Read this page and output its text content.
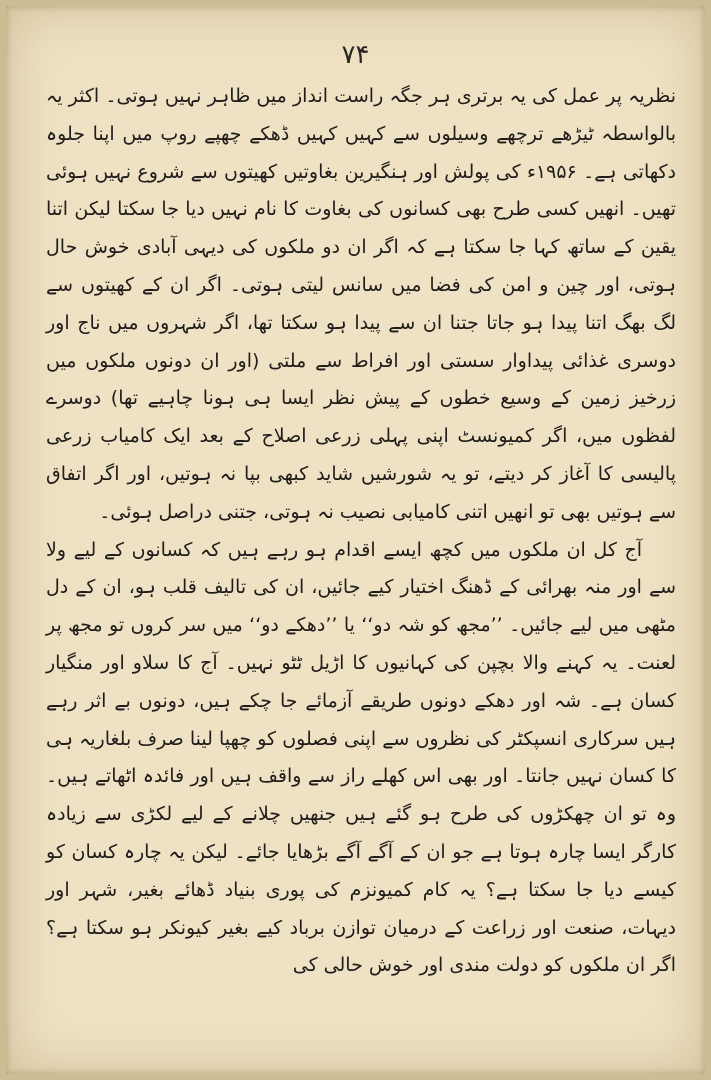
۷۴

نظریہ پر عمل کی یہ برتری ہر جگہ راست انداز میں ظاہر نہیں ہوتی۔ اکثر یہ بالواسطہ ٹیڑھے ترچھے وسیلوں سے کہیں کہیں ڈھکے چھپے روپ میں اپنا جلوہ دکھاتی ہے۔ ۱۹۵۶ء کی پولش اور ہنگیرین بغاوتیں کھیتوں سے شروع نہیں ہوئی تھیں۔ انھیں کسی طرح بھی کسانوں کی بغاوت کا نام نہیں دیا جا سکتا لیکن اتنا یقین کے ساتھ کہا جا سکتا ہے کہ اگر ان دو ملکوں کی دیہی آبادی خوش حال ہوتی، اور چین و امن کی فضا میں سانس لیتی ہوتی۔ اگر ان کے کھیتوں سے لگ بھگ اتنا پیدا ہو جاتا جتنا ان سے پیدا ہو سکتا تھا، اگر شہروں میں ناج اور دوسری غذائی پیداوار سستی اور افراط سے ملتی (اور ان دونوں ملکوں میں زرخیز زمین کے وسیع خطوں کے پیش نظر ایسا ہی ہونا چاہیے تھا) دوسرے لفظوں میں، اگر کمیونسٹ اپنی پہلی زرعی اصلاح کے بعد ایک کامیاب زرعی پالیسی کا آغاز کر دیتے، تو یہ شورشیں شاید کبھی بپا نہ ہوتیں، اور اگر اتفاق سے ہوتیں بھی تو انھیں اتنی کامیابی نصیب نہ ہوتی، جتنی دراصل ہوئی۔

آج کل ان ملکوں میں کچھ ایسے اقدام ہو رہے ہیں کہ کسانوں کے لیے ولا سے اور منہ بھرائی کے ڈھنگ اختیار کیے جائیں، ان کی تالیف قلب ہو، ان کے دل مٹھی میں لیے جائیں۔ ’’مجھ کو شہ دو‘‘ یا ’’دھکے دو‘‘ میں سر کروں تو مجھ پر لعنت۔ یہ کہنے والا بچپن کی کہانیوں کا اڑیل ٹٹو نہیں۔ آج کا سلاو اور منگیار کسان ہے۔ شہ اور دھکے دونوں طریقے آزمائے جا چکے ہیں، دونوں بے اثر رہے ہیں سرکاری انسپکٹر کی نظروں سے اپنی فصلوں کو چھپا لینا صرف بلغاریہ ہی کا کسان نہیں جانتا۔ اور بھی اس کھلے راز سے واقف ہیں اور فائدہ اٹھاتے ہیں۔ وہ تو ان چھکڑوں کی طرح ہو گئے ہیں جنھیں چلانے کے لیے لکڑی سے زیادہ کارگر ایسا چارہ ہوتا ہے جو ان کے آگے آگے بڑھایا جائے۔ لیکن یہ چارہ کسان کو کیسے دیا جا سکتا ہے؟ یہ کام کمیونزم کی پوری بنیاد ڈھائے بغیر، شہر اور دیہات، صنعت اور زراعت کے درمیان توازن برباد کیے بغیر کیونکر ہو سکتا ہے؟ اگر ان ملکوں کو دولت مندی اور خوش حالی کی
